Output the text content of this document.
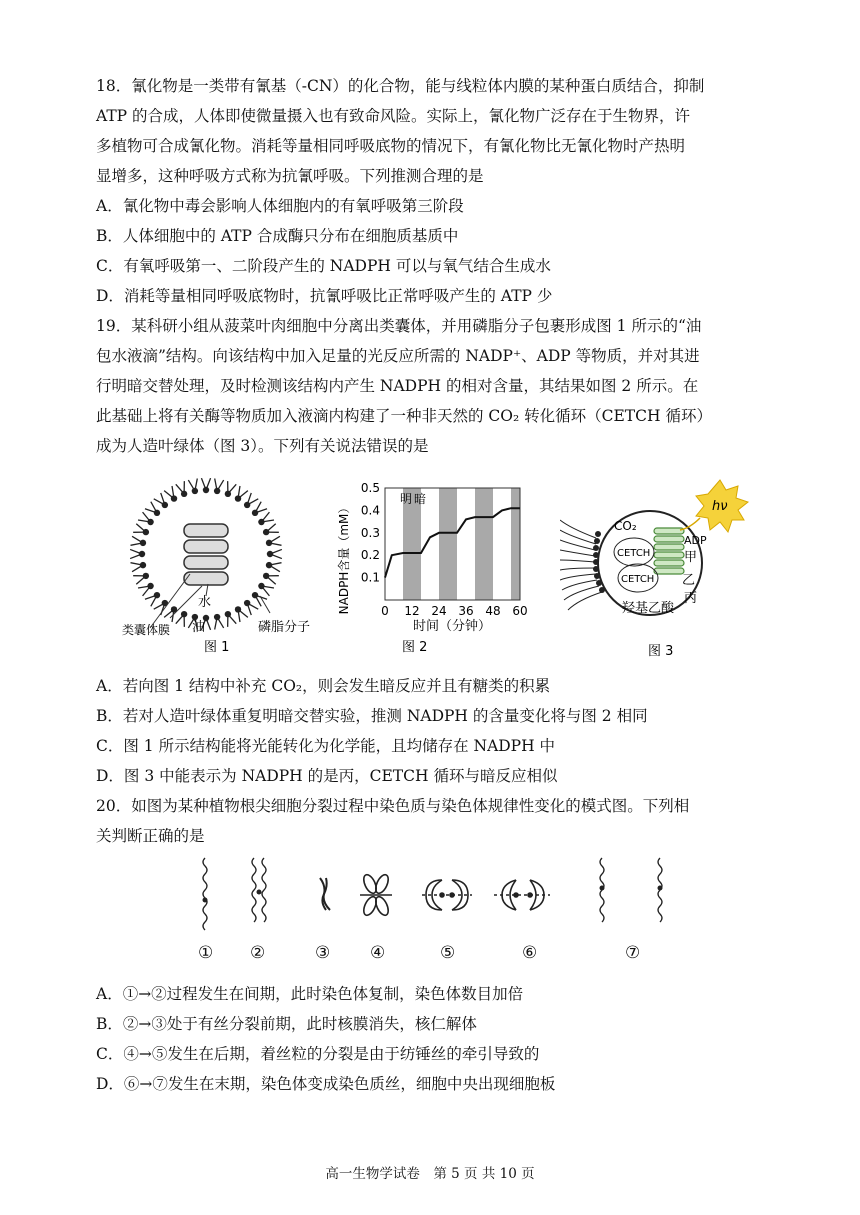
18．氰化物是一类带有氰基（-CN）的化合物，能与线粒体内膜的某种蛋白质结合，抑制
ATP 的合成，人体即使微量摄入也有致命风险。实际上，氰化物广泛存在于生物界，许
多植物可合成氰化物。消耗等量相同呼吸底物的情况下，有氰化物比无氰化物时产热明
显增多，这种呼吸方式称为抗氰呼吸。下列推测合理的是
A．氰化物中毒会影响人体细胞内的有氧呼吸第三阶段
B．人体细胞中的 ATP 合成酶只分布在细胞质基质中
C．有氧呼吸第一、二阶段产生的 NADPH 可以与氧气结合生成水
D．消耗等量相同呼吸底物时，抗氰呼吸比正常呼吸产生的 ATP 少
19．某科研小组从菠菜叶肉细胞中分离出类囊体，并用磷脂分子包裹形成图 1 所示的“油
包水液滴”结构。向该结构中加入足量的光反应所需的 NADP⁺、ADP 等物质，并对其进
行明暗交替处理，及时检测该结构内产生 NADPH 的相对含量，其结果如图 2 所示。在
此基础上将有关酶等物质加入液滴内构建了一种非天然的 CO₂ 转化循环（CETCH 循环）
成为人造叶绿体（图 3）。下列有关说法错误的是
水
油	磷脂分子
类囊体膜
图 1
0.1
0.2
0.3
0.4
0.5
0 12 24 36 48 60
明 暗
NADPH含量（mM）
时间（分钟）
图 2
hν
CO₂
CETCH
CETCH
ADP
甲
乙
丙
羟基乙酸
图 3
A．若向图 1 结构中补充 CO₂，则会发生暗反应并且有糖类的积累
B．若对人造叶绿体重复明暗交替实验，推测 NADPH 的含量变化将与图 2 相同
C．图 1 所示结构能将光能转化为化学能，且均储存在 NADPH 中
D．图 3 中能表示为 NADPH 的是丙，CETCH 循环与暗反应相似
20．如图为某种植物根尖细胞分裂过程中染色质与染色体规律性变化的模式图。下列相
关判断正确的是
① ②	③ ④	⑤	⑥	⑦
A．①→②过程发生在间期，此时染色体复制，染色体数目加倍
B．②→③处于有丝分裂前期，此时核膜消失，核仁解体
C．④→⑤发生在后期，着丝粒的分裂是由于纺锤丝的牵引导致的
D．⑥→⑦发生在末期，染色体变成染色质丝，细胞中央出现细胞板
高一生物学试卷　第 5 页 共 10 页
